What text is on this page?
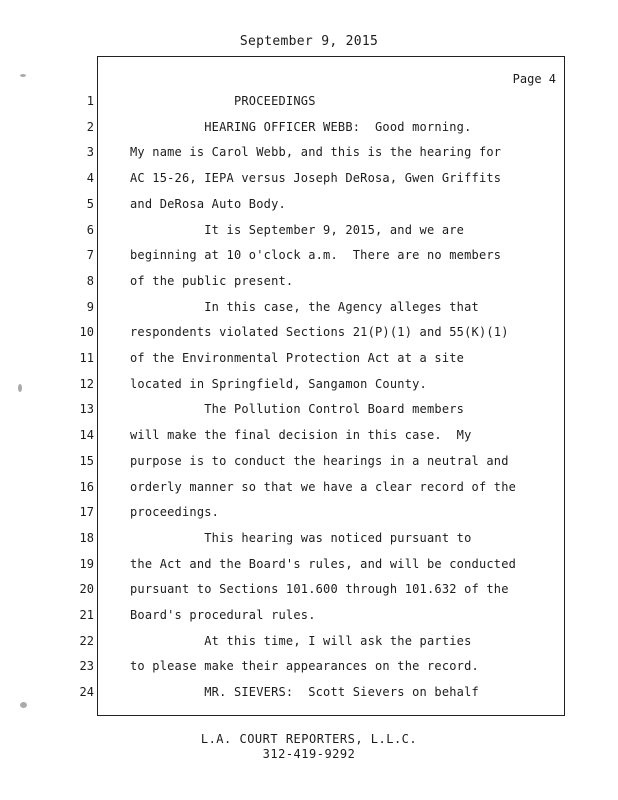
September 9, 2015
Page 4
1	PROCEEDINGS
2	HEARING OFFICER WEBB:  Good morning.
3	My name is Carol Webb, and this is the hearing for
4	AC 15-26, IEPA versus Joseph DeRosa, Gwen Griffits
5	and DeRosa Auto Body.
6	It is September 9, 2015, and we are
7	beginning at 10 o'clock a.m.  There are no members
8	of the public present.
9	In this case, the Agency alleges that
10	respondents violated Sections 21(P)(1) and 55(K)(1)
11	of the Environmental Protection Act at a site
12	located in Springfield, Sangamon County.
13	The Pollution Control Board members
14	will make the final decision in this case.  My
15	purpose is to conduct the hearings in a neutral and
16	orderly manner so that we have a clear record of the
17	proceedings.
18	This hearing was noticed pursuant to
19	the Act and the Board's rules, and will be conducted
20	pursuant to Sections 101.600 through 101.632 of the
21	Board's procedural rules.
22	At this time, I will ask the parties
23	to please make their appearances on the record.
24	MR. SIEVERS:  Scott Sievers on behalf
L.A. COURT REPORTERS, L.L.C.
312-419-9292
